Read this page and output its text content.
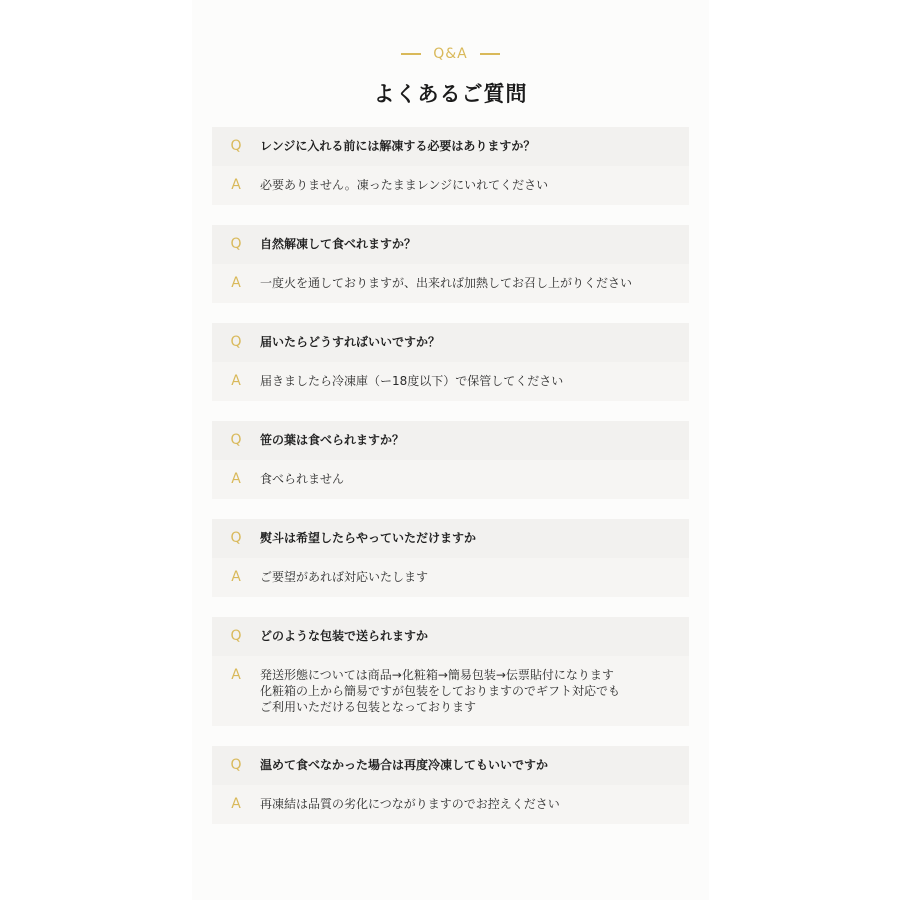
Q&A
よくあるご質問
Q	レンジに入れる前には解凍する必要はありますか？
A	必要ありません。凍ったままレンジにいれてください
Q	自然解凍して食べれますか？
A	一度火を通しておりますが、出来れば加熱してお召し上がりください
Q	届いたらどうすればいいですか？
A	届きましたら冷凍庫（ー18度以下）で保管してください
Q	笹の葉は食べられますか？
A	食べられません
Q	熨斗は希望したらやっていただけますか
A	ご要望があれば対応いたします
Q	どのような包装で送られますか
A	発送形態については商品→化粧箱→簡易包装→伝票貼付になります
化粧箱の上から簡易ですが包装をしておりますのでギフト対応でも
ご利用いただける包装となっております
Q	温めて食べなかった場合は再度冷凍してもいいですか
A	再凍結は品質の劣化につながりますのでお控えください
